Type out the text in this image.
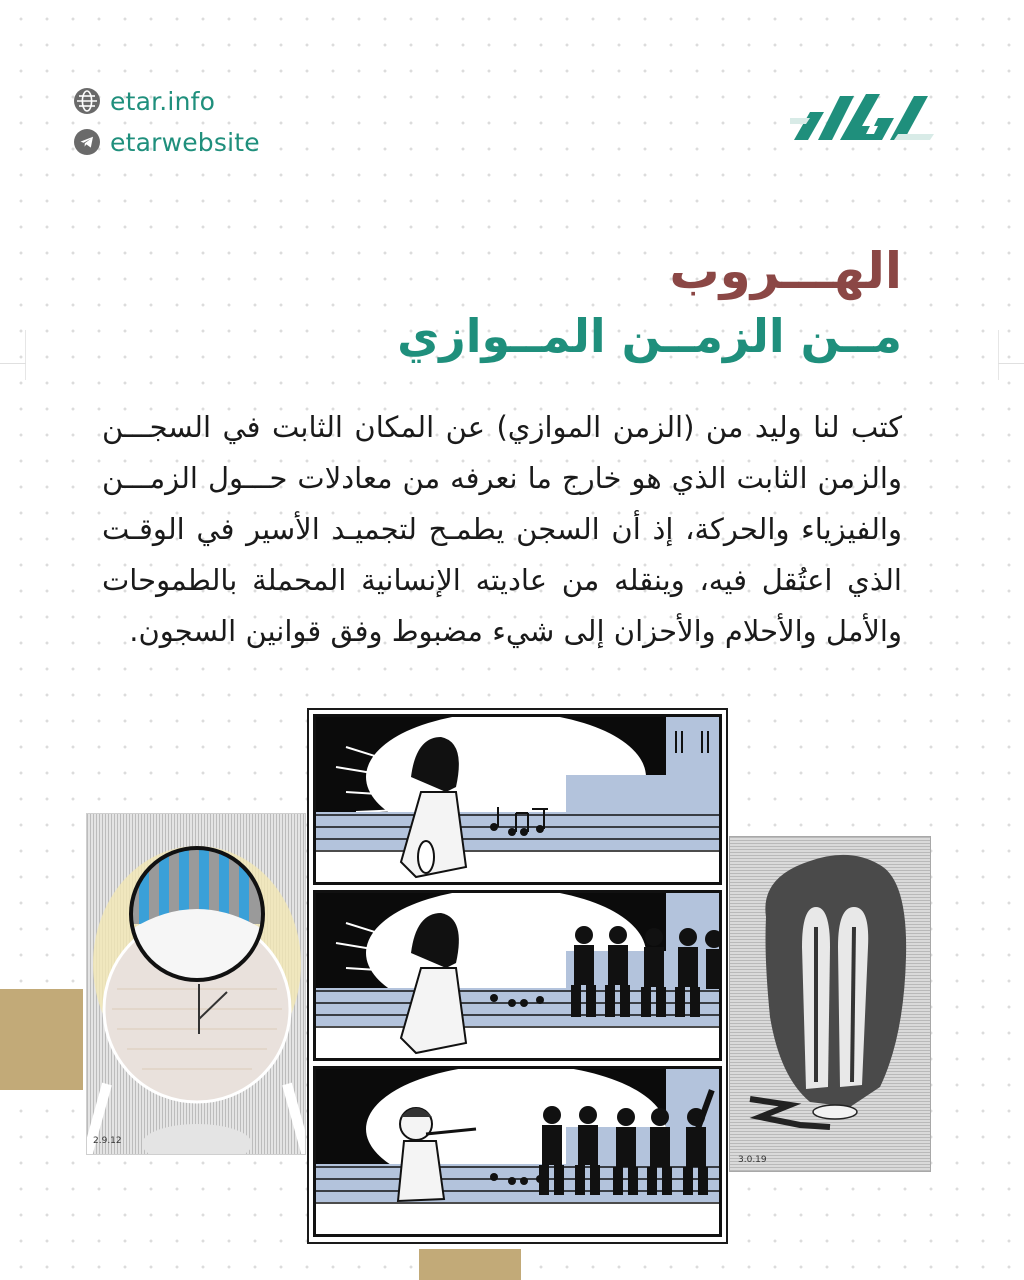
etar.info
etarwebsite
الهـــروب
مــن الزمــن المــوازي

كتب لنا وليد من (الزمن الموازي) عن المكان الثابت في السجـــن والزمن الثابت الذي هو خارج ما نعرفه من معادلات حـــول الزمـــن والفيزياء والحركة، إذ أن السجن يطمـح لتجميـد الأسير في الوقـت الذي اعتُقل فيه، وينقله من عاديته الإنسانية المحملة بالطموحات والأمل والأحلام والأحزان إلى شيء مضبوط وفق قوانين السجون.

2.9.12
3.0.19
